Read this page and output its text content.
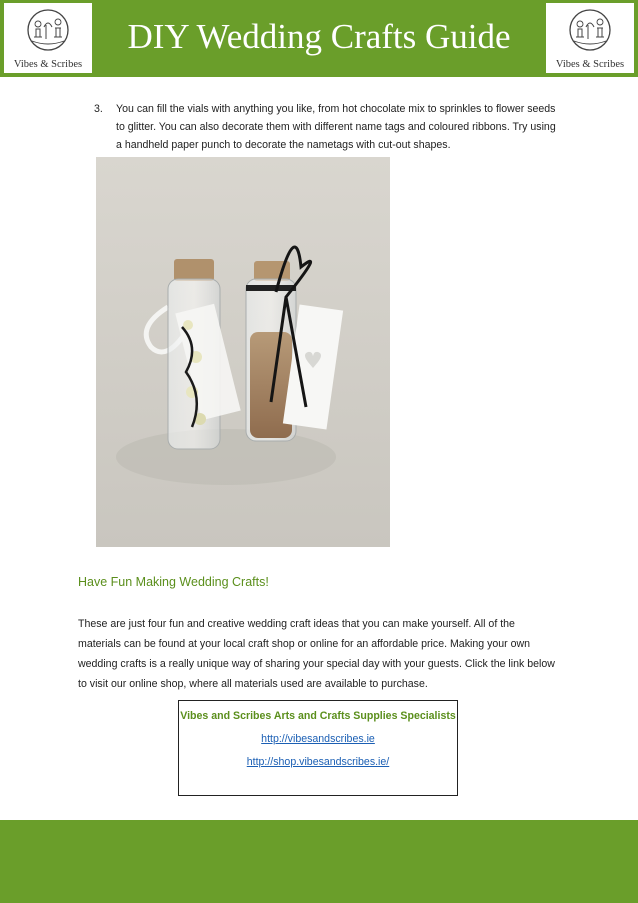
Vibes & Scribes
DIY Wedding Crafts Guide
Vibes & Scribes
3.	You can fill the vials with anything you like, from hot chocolate mix to sprinkles to flower seeds to glitter. You can also decorate them with different name tags and coloured ribbons. Try using a handheld paper punch to decorate the nametags with cut-out shapes.
Have Fun Making Wedding Crafts!
These are just four fun and creative wedding craft ideas that you can make yourself. All of the materials can be found at your local craft shop or online for an affordable price. Making your own wedding crafts is a really unique way of sharing your special day with your guests. Click the link below to visit our online shop, where all materials used are available to purchase.
Vibes and Scribes Arts and Crafts Supplies Specialists
http://vibesandscribes.ie
http://shop.vibesandscribes.ie/
